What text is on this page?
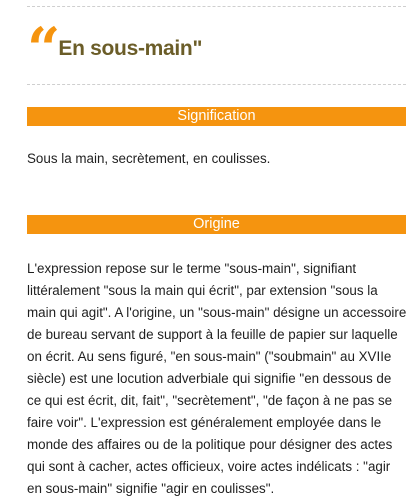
“ En sous-main"
Signification
Sous la main, secrètement, en coulisses.
Origine
L'expression repose sur le terme "sous-main", signifiant
littéralement "sous la main qui écrit", par extension "sous la
main qui agit". A l'origine, un "sous-main" désigne un accessoire
de bureau servant de support à la feuille de papier sur laquelle
on écrit. Au sens figuré, "en sous-main" ("soubmain" au XVIIe
siècle) est une locution adverbiale qui signifie "en dessous de
ce qui est écrit, dit, fait", "secrètement", "de façon à ne pas se
faire voir". L'expression est généralement employée dans le
monde des affaires ou de la politique pour désigner des actes
qui sont à cacher, actes officieux, voire actes indélicats : "agir
en sous-main" signifie "agir en coulisses".
